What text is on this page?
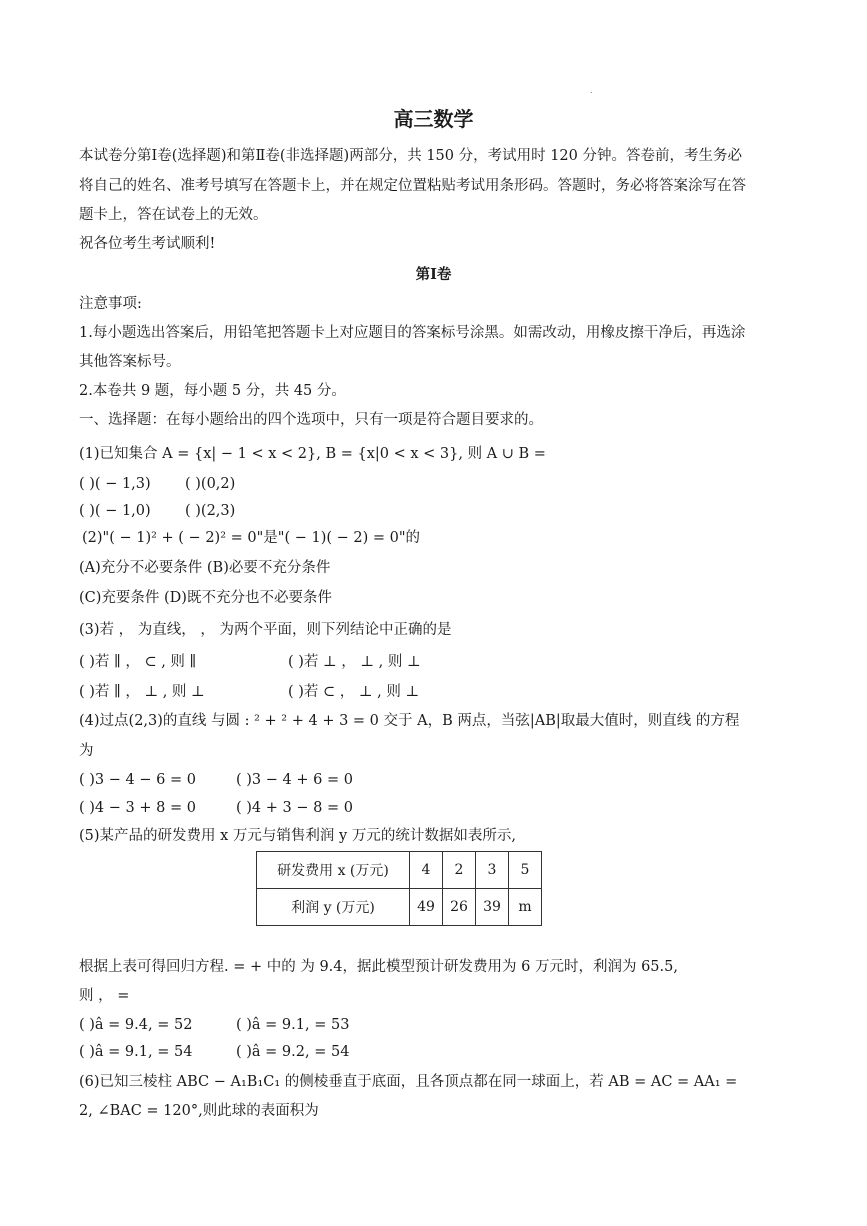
.
高三数学
本试卷分第Ⅰ卷(选择题)和第Ⅱ卷(非选择题)两部分，共 150 分，考试用时 120 分钟。答卷前，考生务必
将自己的姓名、准考号填写在答题卡上，并在规定位置粘贴考试用条形码。答题时，务必将答案涂写在答
题卡上，答在试卷上的无效。
祝各位考生考试顺利!
第Ⅰ卷
注意事项:
1.每小题选出答案后，用铅笔把答题卡上对应题目的答案标号涂黑。如需改动，用橡皮擦干净后，再选涂
其他答案标号。
2.本卷共 9 题，每小题 5 分，共 45 分。
一、选择题：在每小题给出的四个选项中，只有一项是符合题目要求的。
(1)已知集合 A = {x| − 1 < x < 2}, B = {x|0 < x < 3}, 则 A ∪ B =
( )( − 1,3) ( )(0,2)
( )( − 1,0) ( )(2,3)
(2)"( − 1)² + ( − 2)² = 0"是"( − 1)( − 2) = 0"的
(A)充分不必要条件 (B)必要不充分条件
(C)充要条件 (D)既不充分也不必要条件
(3)若 ， 为直线， ， 为两个平面，则下列结论中正确的是
( )若 ∥ ， ⊂ , 则 ∥	( )若 ⊥ ， ⊥ , 则 ⊥
( )若 ∥ ， ⊥ , 则 ⊥	( )若 ⊂ ， ⊥ , 则 ⊥
(4)过点(2,3)的直线 与圆 : ² + ² + 4 + 3 = 0 交于 A，B 两点，当弦|AB|取最大值时，则直线 的方程
为
( )3 − 4 − 6 = 0	( )3 − 4 + 6 = 0
( )4 − 3 + 8 = 0	( )4 + 3 − 8 = 0
(5)某产品的研发费用 x 万元与销售利润 y 万元的统计数据如表所示,
研发费用 x (万元)	4	2	3	5
利润 y (万元)	49	26	39	m
根据上表可得回归方程. = + 中的 为 9.4，据此模型预计研发费用为 6 万元时，利润为 65.5,
则 ， =
( )â = 9.4, = 52	( )â = 9.1, = 53
( )â = 9.1, = 54	( )â = 9.2, = 54
(6)已知三棱柱 ABC − A₁B₁C₁ 的侧棱垂直于底面，且各顶点都在同一球面上，若 AB = AC = AA₁ =
2, ∠BAC = 120°,则此球的表面积为
